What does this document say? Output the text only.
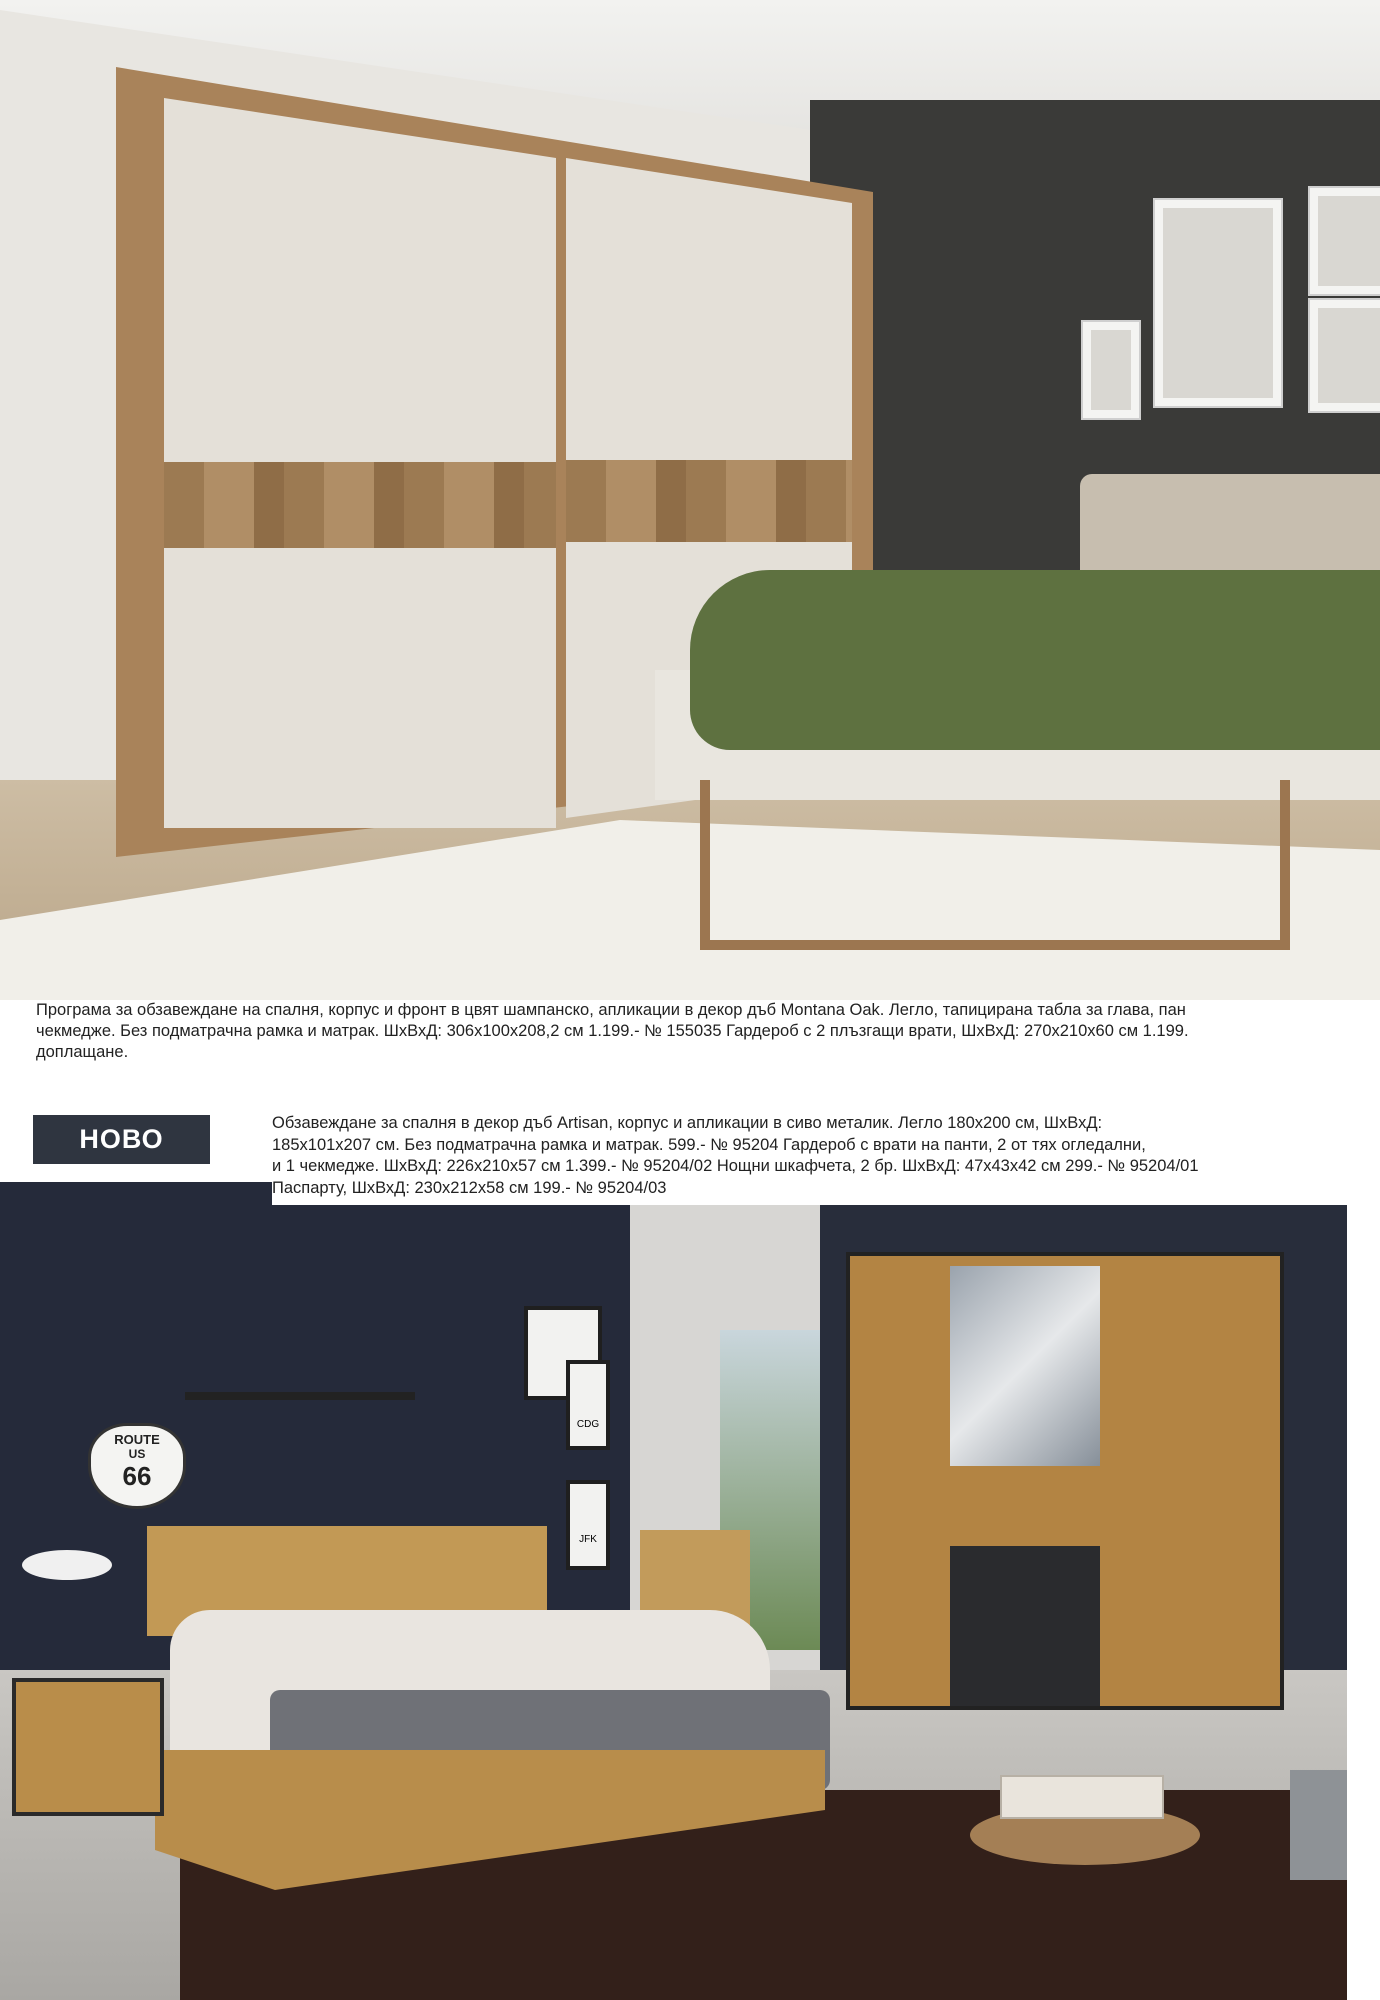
Програма за обзавеждане на спалня, корпус и фронт в цвят шампанско, апликации в декор дъб Montana Oak. Легло, тапицирана табла за глава, пан
чекмедже. Без подматрачна рамка и матрак. ШхВхД: 306х100х208,2 см 1.199.- № 155035 Гардероб с 2 плъзгащи врати, ШхВхД: 270х210х60 см 1.199.
доплащане.
ROUTE
US
66
CDG
JFK
НОВО
Обзавеждане за спалня в декор дъб Artisan, корпус и апликации в сиво металик. Легло 180х200 см, ШхВхД:
185x101x207 см. Без подматрачна рамка и матрак. 599.- № 95204 Гардероб с врати на панти, 2 от тях огледални,
и 1 чекмедже. ШхВхД: 226x210x57 см 1.399.- № 95204/02 Нощни шкафчета, 2 бр. ШхВхД: 47x43x42 см 299.- № 95204/01
Паспарту, ШхВхД: 230x212x58 см 199.- № 95204/03
